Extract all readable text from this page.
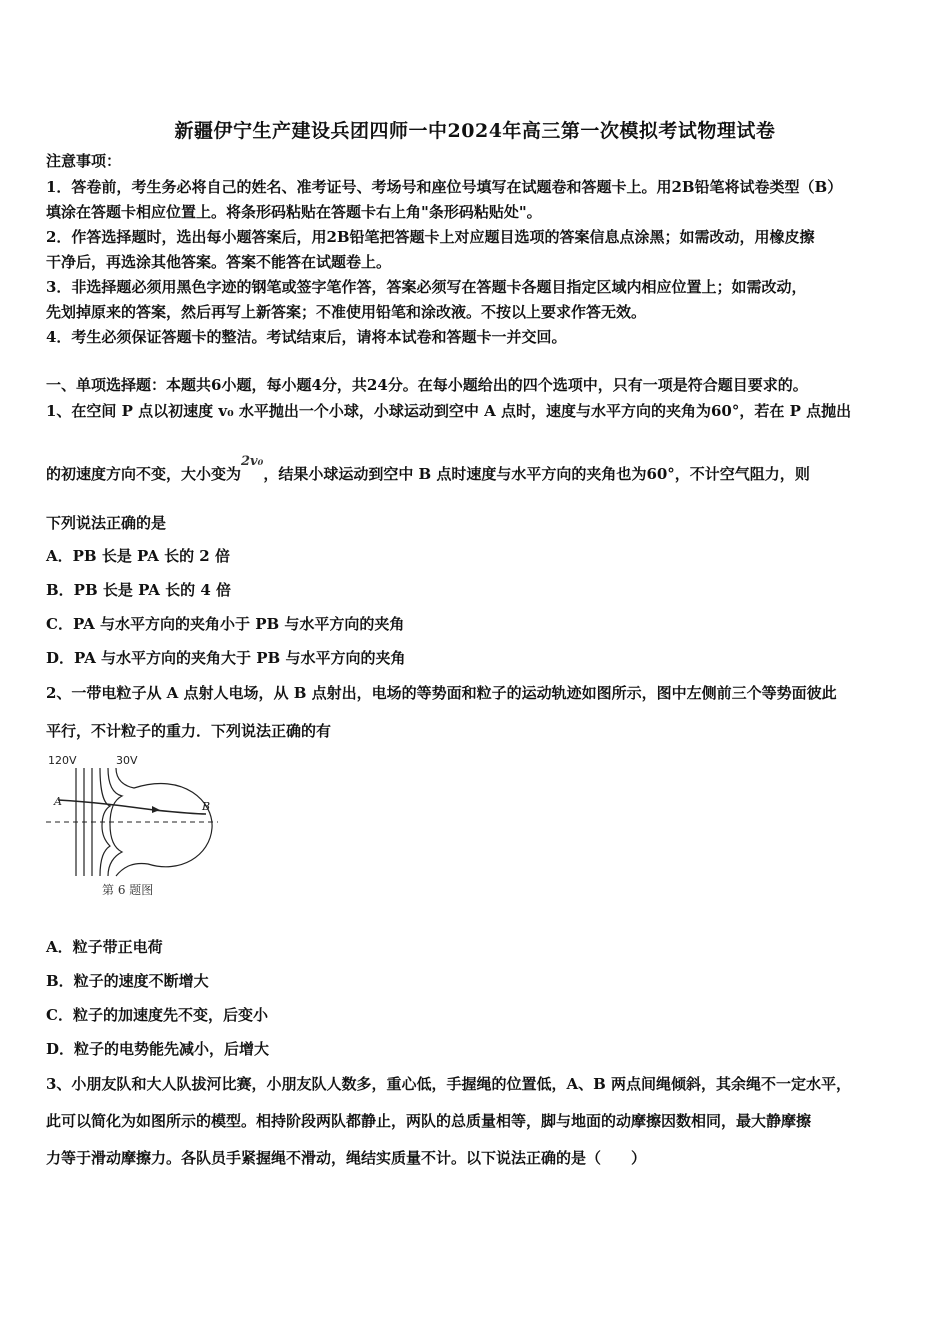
新疆伊宁生产建设兵团四师一中2024年高三第一次模拟考试物理试卷
注意事项：
1．答卷前，考生务必将自己的姓名、准考证号、考场号和座位号填写在试题卷和答题卡上。用2B铅笔将试卷类型（B）
填涂在答题卡相应位置上。将条形码粘贴在答题卡右上角"条形码粘贴处"。
2．作答选择题时，选出每小题答案后，用2B铅笔把答题卡上对应题目选项的答案信息点涂黑；如需改动，用橡皮擦
干净后，再选涂其他答案。答案不能答在试题卷上。
3．非选择题必须用黑色字迹的钢笔或签字笔作答，答案必须写在答题卡各题目指定区域内相应位置上；如需改动，
先划掉原来的答案，然后再写上新答案；不准使用铅笔和涂改液。不按以上要求作答无效。
4．考生必须保证答题卡的整洁。考试结束后，请将本试卷和答题卡一并交回。
一、单项选择题：本题共6小题，每小题4分，共24分。在每小题给出的四个选项中，只有一项是符合题目要求的。
1、在空间 P 点以初速度 v₀ 水平抛出一个小球，小球运动到空中 A 点时，速度与水平方向的夹角为60°，若在 P 点抛出
的初速度方向不变，大小变为2v₀，结果小球运动到空中 B 点时速度与水平方向的夹角也为60°，不计空气阻力，则
下列说法正确的是
A．PB 长是 PA 长的 2 倍
B．PB 长是 PA 长的 4 倍
C．PA 与水平方向的夹角小于 PB 与水平方向的夹角
D．PA 与水平方向的夹角大于 PB 与水平方向的夹角
2、一带电粒子从 A 点射人电场，从 B 点射出，电场的等势面和粒子的运动轨迹如图所示，图中左侧前三个等势面彼此
平行，不计粒子的重力．下列说法正确的有
120V	30V
A	B
第 6 题图
A．粒子带正电荷
B．粒子的速度不断增大
C．粒子的加速度先不变，后变小
D．粒子的电势能先减小，后增大
3、小朋友队和大人队拔河比赛，小朋友队人数多，重心低，手握绳的位置低，A、B 两点间绳倾斜，其余绳不一定水平，
此可以简化为如图所示的模型。相持阶段两队都静止，两队的总质量相等，脚与地面的动摩擦因数相同，最大静摩擦
力等于滑动摩擦力。各队员手紧握绳不滑动，绳结实质量不计。以下说法正确的是（　　）
